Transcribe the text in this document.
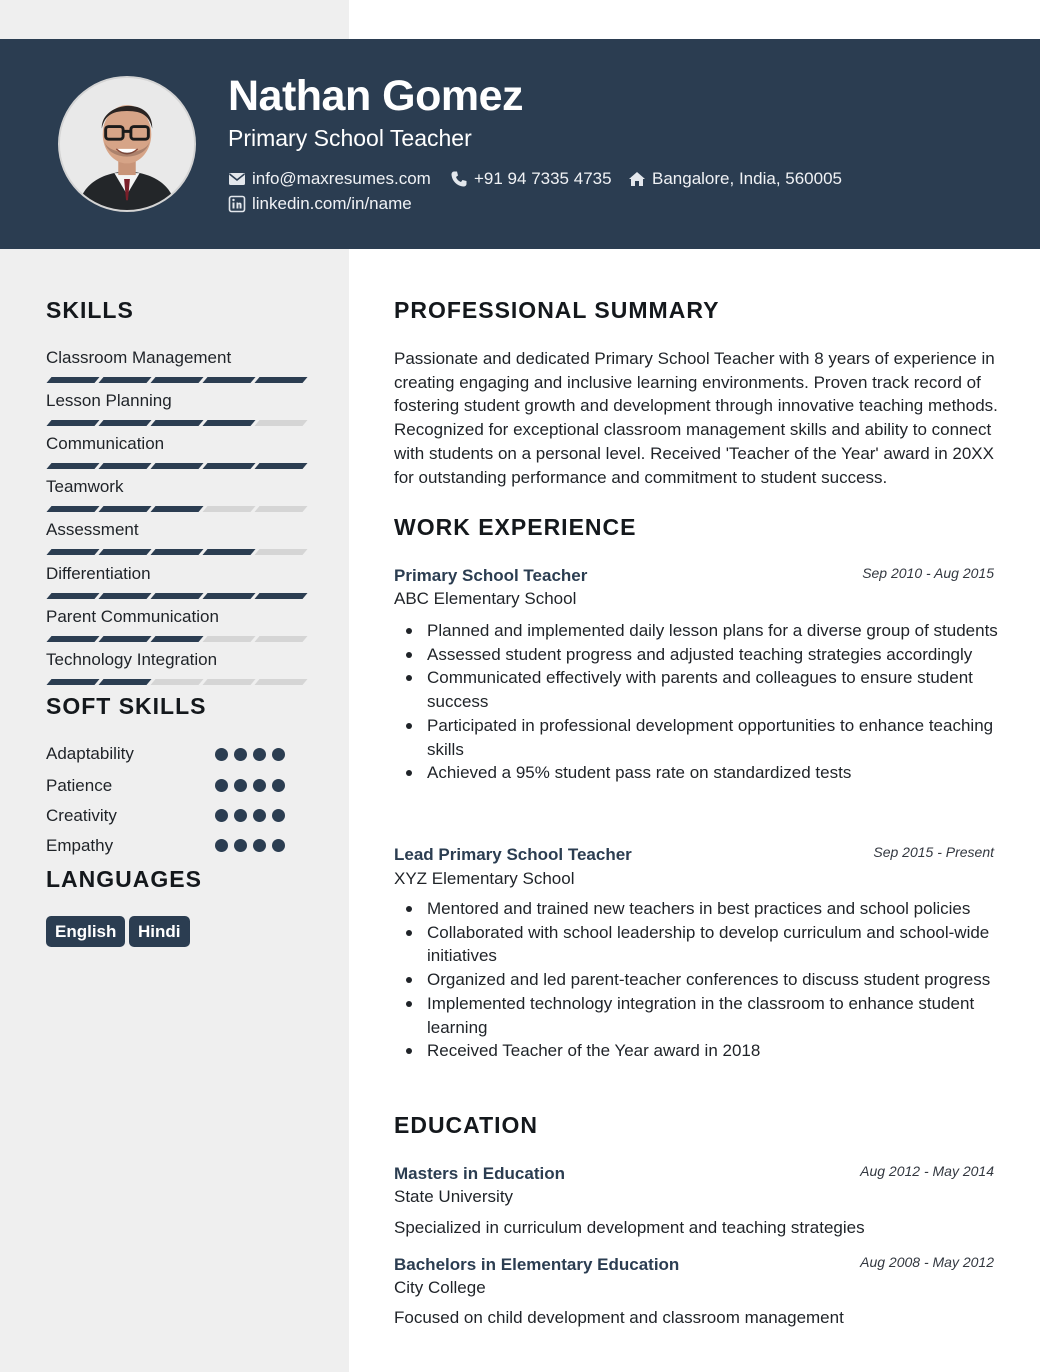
Nathan Gomez
Primary School Teacher
info@maxresumes.com	+91 94 7335 4735 Bangalore, India, 560005
linkedin.com/in/name
SKILLS
Classroom Management
Lesson Planning
Communication
Teamwork
Assessment
Differentiation
Parent Communication
Technology Integration
SOFT SKILLS
Adaptability
Patience
Creativity
Empathy
LANGUAGES
English	Hindi
PROFESSIONAL SUMMARY
Passionate and dedicated Primary School Teacher with 8 years of experience in creating engaging and inclusive learning environments. Proven track record of fostering student growth and development through innovative teaching methods. Recognized for exceptional classroom management skills and ability to connect with students on a personal level. Received 'Teacher of the Year' award in 20XX for outstanding performance and commitment to student success.
WORK EXPERIENCE
Primary School Teacher	Sep 2010 - Aug 2015
ABC Elementary School
Planned and implemented daily lesson plans for a diverse group of students
Assessed student progress and adjusted teaching strategies accordingly
Communicated effectively with parents and colleagues to ensure student success
Participated in professional development opportunities to enhance teaching skills
Achieved a 95% student pass rate on standardized tests
Lead Primary School Teacher	Sep 2015 - Present
XYZ Elementary School
Mentored and trained new teachers in best practices and school policies
Collaborated with school leadership to develop curriculum and school-wide initiatives
Organized and led parent-teacher conferences to discuss student progress
Implemented technology integration in the classroom to enhance student learning
Received Teacher of the Year award in 2018
EDUCATION
Masters in Education	Aug 2012 - May 2014
State University
Specialized in curriculum development and teaching strategies
Bachelors in Elementary Education	Aug 2008 - May 2012
City College
Focused on child development and classroom management
